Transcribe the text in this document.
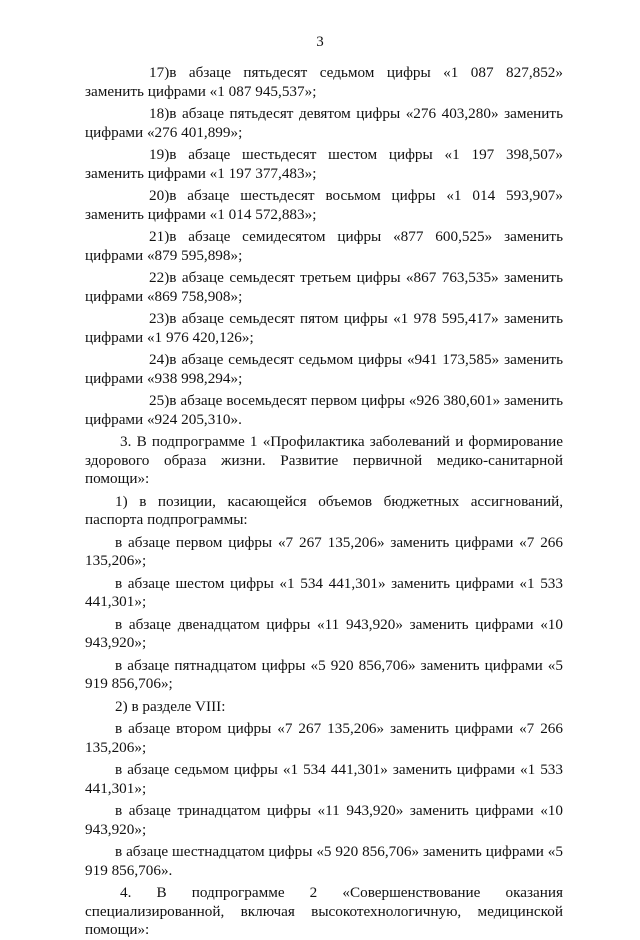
3

17)в абзаце пятьдесят седьмом цифры «1 087 827,852» заменить цифрами «1 087 945,537»;

18)в абзаце пятьдесят девятом цифры «276 403,280» заменить цифрами «276 401,899»;

19)в абзаце шестьдесят шестом цифры «1 197 398,507» заменить цифрами «1 197 377,483»;

20)в абзаце шестьдесят восьмом цифры «1 014 593,907» заменить цифрами «1 014 572,883»;

21)в абзаце семидесятом цифры «877 600,525» заменить цифрами «879 595,898»;

22)в абзаце семьдесят третьем цифры «867 763,535» заменить цифрами «869 758,908»;

23)в абзаце семьдесят пятом цифры «1 978 595,417» заменить цифрами «1 976 420,126»;

24)в абзаце семьдесят седьмом цифры «941 173,585» заменить цифрами «938 998,294»;

25)в абзаце восемьдесят первом цифры «926 380,601» заменить цифрами «924 205,310».

3. В подпрограмме 1 «Профилактика заболеваний и формирование здорового образа жизни. Развитие первичной медико-санитарной помощи»:

1) в позиции, касающейся объемов бюджетных ассигнований, паспорта подпрограммы:

в абзаце первом цифры «7 267 135,206» заменить цифрами «7 266 135,206»;

в абзаце шестом цифры «1 534 441,301» заменить цифрами «1 533 441,301»;

в абзаце двенадцатом цифры «11 943,920» заменить цифрами «10 943,920»;

в абзаце пятнадцатом цифры «5 920 856,706» заменить цифрами «5 919 856,706»;

2) в разделе VIII:

в абзаце втором цифры «7 267 135,206» заменить цифрами «7 266 135,206»;

в абзаце седьмом цифры «1 534 441,301» заменить цифрами «1 533 441,301»;

в абзаце тринадцатом цифры «11 943,920» заменить цифрами «10 943,920»;

в абзаце шестнадцатом цифры «5 920 856,706» заменить цифрами «5 919 856,706».

4. В подпрограмме 2 «Совершенствование оказания специализированной, включая высокотехнологичную, медицинской помощи»:
